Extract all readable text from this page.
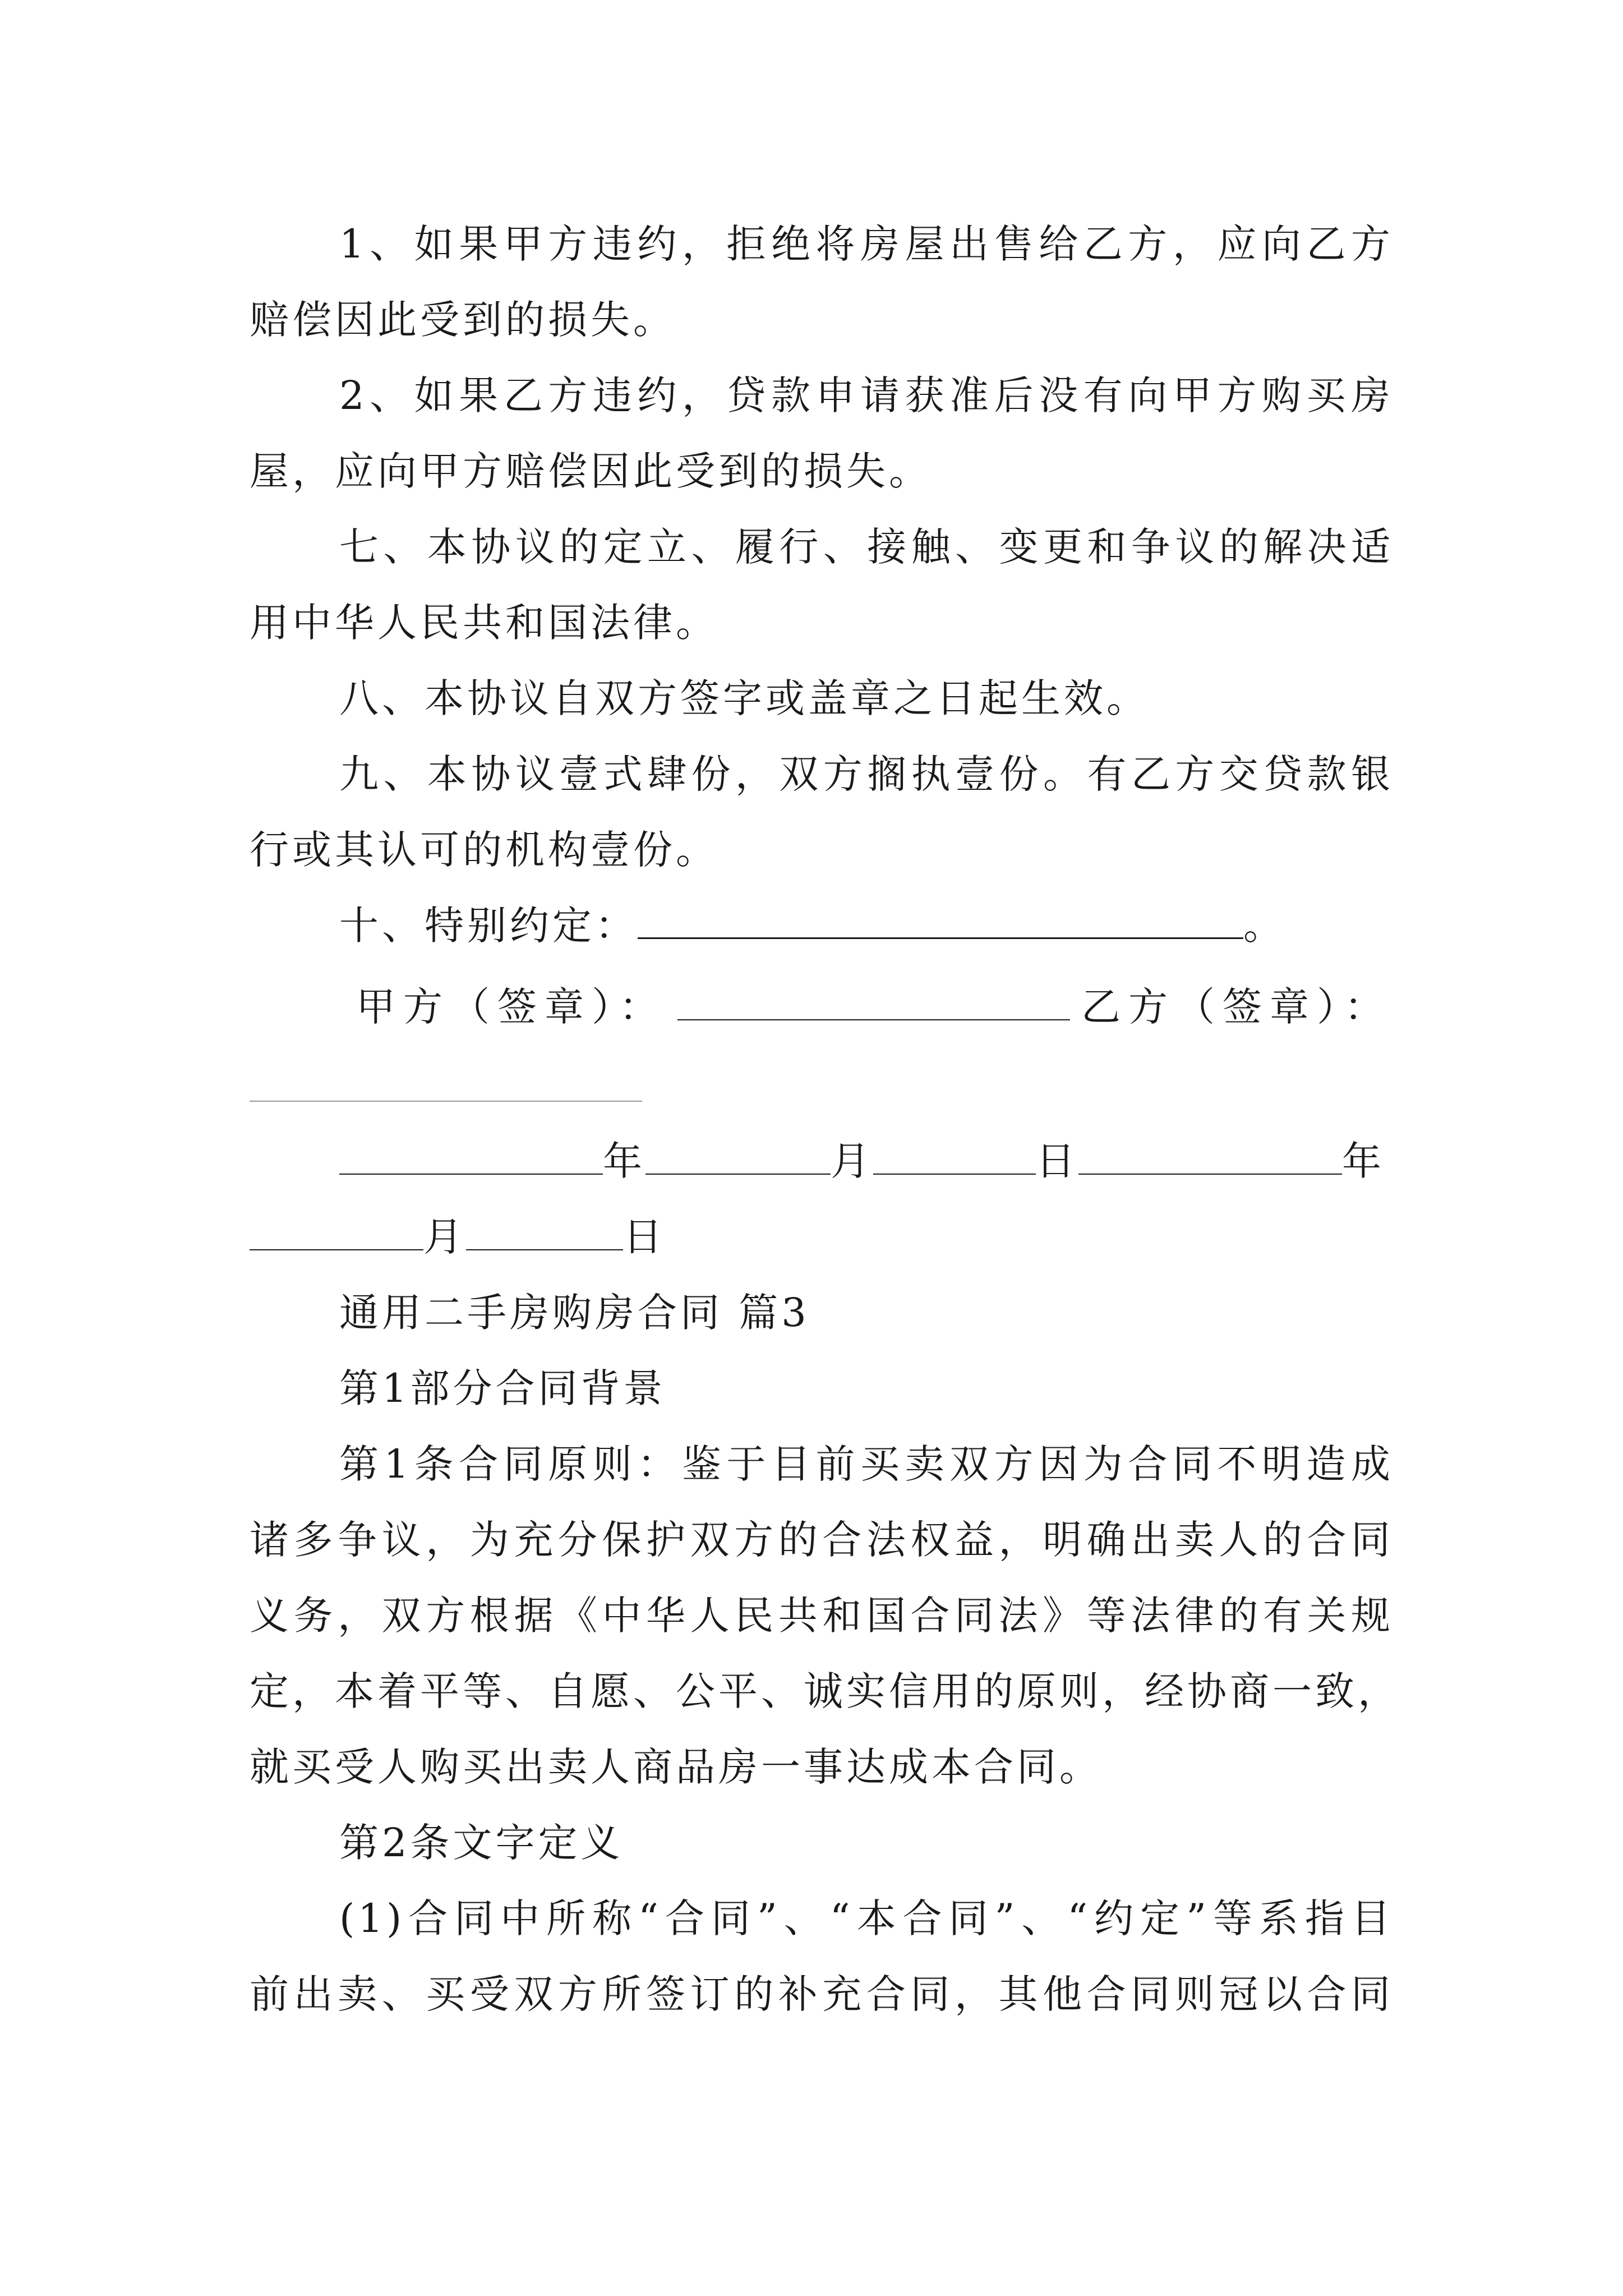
1、如果甲方违约，拒绝将房屋出售给乙方，应向乙方
赔偿因此受到的损失。
2、如果乙方违约，贷款申请获准后没有向甲方购买房
屋，应向甲方赔偿因此受到的损失。
七、本协议的定立、履行、接触、变更和争议的解决适
用中华人民共和国法律。
八、本协议自双方签字或盖章之日起生效。
九、本协议壹式肆份，双方搁执壹份。有乙方交贷款银
行或其认可的机构壹份。
十、特别约定：	。
甲方（签章）：	乙方（签章）：
年	月	日	年
月	日
通用二手房购房合同 篇3
第1部分合同背景
第1条合同原则：鉴于目前买卖双方因为合同不明造成
诸多争议，为充分保护双方的合法权益，明确出卖人的合同
义务，双方根据《中华人民共和国合同法》等法律的有关规
定，本着平等、自愿、公平、诚实信用的原则，经协商一致，
就买受人购买出卖人商品房一事达成本合同。
第2条文字定义
(1)合同中所称“合同”、“本合同”、“约定”等系指目
前出卖、买受双方所签订的补充合同，其他合同则冠以合同
